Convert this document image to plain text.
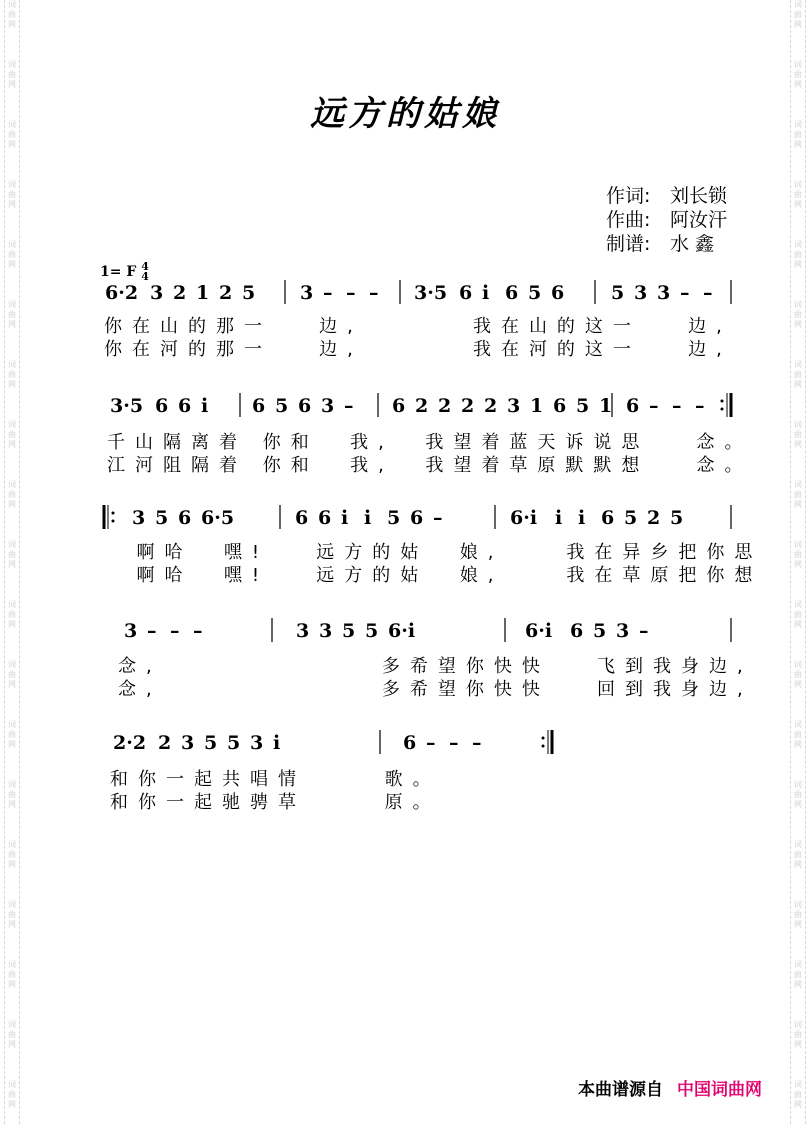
词
曲
网
词
曲
网
词
曲
网
词
曲
网
词
曲
网
词
曲
网
词
曲
网
词
曲
网
词
曲
网
词
曲
网
词
曲
网
词
曲
网
词
曲
网
词
曲
网
词
曲
网
词
曲
网
词
曲
网
词
曲
网
词
曲
网
词
曲
网
词
曲
网
词
曲
网
词
曲
网
词
曲
网
词
曲
网
词
曲
网
词
曲
网
词
曲
网
词
曲
网
词
曲
网
词
曲
网
词
曲
网
词
曲
网
词
曲
网
词
曲
网
词
曲
网
词
曲
网
词
曲
网
远方的姑娘
作词:	刘长锁
作曲:	阿汝汗
制谱:	水 鑫
1= F 4
4
6·2 3 2 1 2 5 3 – – – 3·5 6 i 6 5 6 5 3 3 – –
3·5 6 6 i 6 5 6 3 – 6 2 2 2 2 3 1 6 5 1 6 – – –
3 5 6 6·5	6 6 i i 5 6 –	6·i i i 6 5 2 5
3 – – –	3 3 5 5 6·i	6·i 6 5 3 –
2·2 2 3 5 5 3 i	6 – – –
你在山的那一   边,       我在山的这一   边,
你在河的那一   边,       我在河的这一   边,
千山隔离着 你和  我,  我望着蓝天诉说思   念。
江河阻隔着 你和  我,  我望着草原默默想   念。
啊哈  嘿!   远方的姑  娘,    我在异乡把你思
啊哈  嘿!   远方的姑  娘,    我在草原把你想
念,              多希望你快快   飞到我身边,
念,              多希望你快快   回到我身边,
和你一起共唱情     歌。
和你一起驰骋草     原。
本曲谱源自 中国词曲网
